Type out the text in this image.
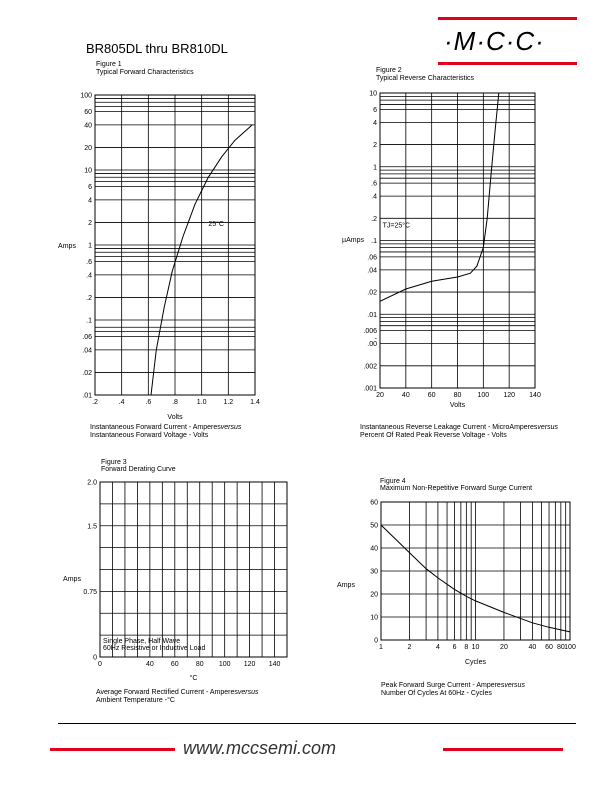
BR805DL thru BR810DL	·M·C·C·
Figure 1
Typical Forward Characteristics
.01
.02
.04
.06
.1
.2
.4
.6
1
2
4
6
10
20
40
60
100
.2	.4	.6	.8	1.0 1.2 1.4
Amps
Volts
25°C
Instantaneous Forward Current - Amperesversus
Instantaneous Forward Voltage - Volts
Figure 2
Typical Reverse Characteristics
.001
.002
.00
-
.006
.01
.02
.04
.06
.1
.2
.4
.6
1
2
4
6
10
20	40	60	80 100 120 140
µAmps
Volts
TJ=25°C
Instantaneous Reverse Leakage Current - MicroAmperesversus
Percent Of Rated Peak Reverse Voltage - Volts
Figure 3
Forward Derating Curve
0
0.75
1.5
2.0
0	40 60 80 100 120 140
Amps
°C
Single Phase, Half Wave
60Hz Resistive or Inductive Load
Average Forward Rectified Current - Amperesversus
Ambient Temperature -°C
Figure 4
Maximum Non-Repetitive Forward Surge Current
0
10
20
30
40
50
60
1	2	4 6 8 10	20	40 60 80 100
Amps
Cycles
Peak Forward Surge Current - Amperesversus
Number Of Cycles At 60Hz - Cycles
www.mccsemi.com
